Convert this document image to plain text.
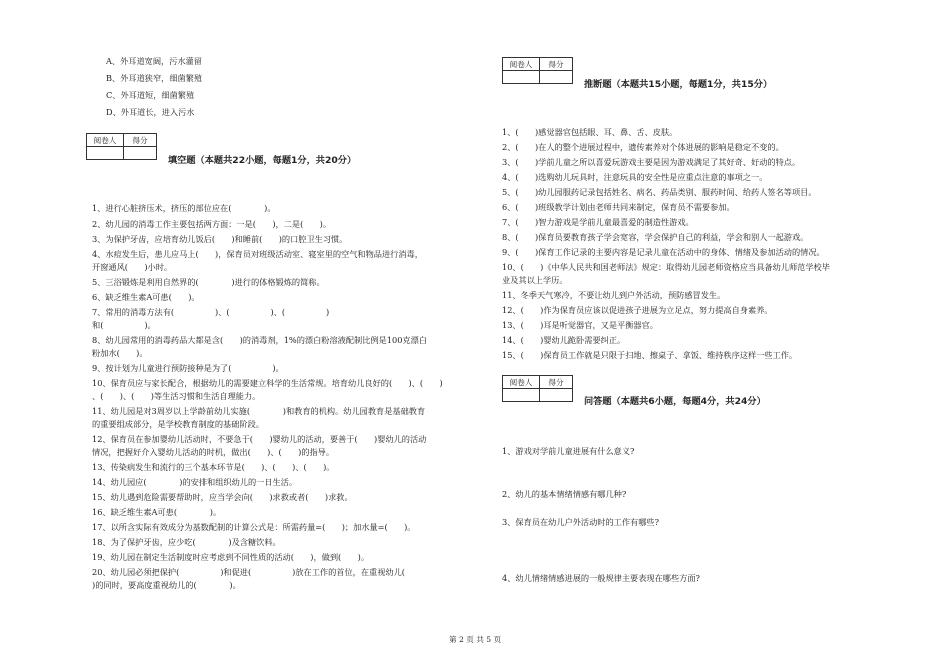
A、外耳道宽阔，污水灌留
B、外耳道狭窄，细菌繁殖
C、外耳道短，细菌繁殖
D、外耳道长，进入污水
阅卷人	得分

填空题（本题共22小题，每题1分，共20分）
1、进行心脏挤压术，挤压的部位应在(　　　　)。
2、幼儿园的消毒工作主要包括两方面：一是(　　)，二是(　　)。
3、为保护牙齿，应培育幼儿饭后(　　)和睡前(　　)的口腔卫生习惯。
4、水痘发生后，患儿应马上(　　)，保育员对班级活动室、寝室里的空气和物品进行消毒，
开窗通风(　　)小时。
5、三浴锻炼是利用自然界的(　　　　)进行的体格锻炼的简称。
6、缺乏维生素A可患(　　)。
7、常用的消毒方法有(　　　　　)、(　　　　　)、(　　　　　)
和(　　　　　)。
8、幼儿园常用的消毒药品大都是含(　　)的消毒剂，1%的漂白粉溶液配制比例是100克漂白
粉加水(　　)。
9、按计划为儿童进行预防接种是为了(　　　　　)。
10、保育员应与家长配合，根据幼儿的需要建立科学的生活常规。培育幼儿良好的(　　)、(　　)
、(　　)、(　　)等生活习惯和生活自理能力。
11、幼儿园是对3周岁以上学龄前幼儿实施(　　　　)和教育的机构。幼儿园教育是基础教育
的重要组成部分，是学校教育制度的基础阶段。
12、保育员在参加婴幼儿活动时，不要急于(　　)婴幼儿的活动，要善于(　　)婴幼儿的活动
情况，把握好介入婴幼儿活动的时机，做出(　　)、(　　)的指导。
13、传染病发生和流行的三个基本环节是(　　)、(　　)、(　　)。
14、幼儿园应(　　　　)的安排和组织幼儿的一日生活。
15、幼儿遇到危险需要帮助时，应当学会向(　　)求救或者(　　)求救。
16、缺乏维生素A可患(　　　　)。
17、以所含实际有效成分为基数配制的计算公式是：所需药量=(　　)；加水量=(　　)。
18、为了保护牙齿，应少吃(　　　　)及含糖饮料。
19、幼儿园在制定生活制度时应考虑到不同性质的活动(　　)，做到(　　)。
20、幼儿园必须把保护(　　　　　)和促进(　　　　　)放在工作的首位，在重视幼儿(　　
)的同时，要高度重视幼儿的(　　　　)。
阅卷人	得分

推断题（本题共15小题，每题1分，共15分）
1、(　　)感觉器官包括眼、耳、鼻、舌、皮肤。
2、(　　)在人的整个进展过程中，遗传素养对个体进展的影响是稳定不变的。
3、(　　)学前儿童之所以喜爱玩游戏主要是因为游戏满足了其好奇、好动的特点。
4、(　　)选购幼儿玩具时，注意玩具的安全性是应重点注意的事项之一。
5、(　　)幼儿园服药记录包括姓名、病名、药品类别、服药时间、给药人签名等项目。
6、(　　)班级教学计划由老师共同来制定，保育员不需要参加。
7、(　　)智力游戏是学前儿童最喜爱的制造性游戏。
8、(　　)保育员要教育孩子学会宽容，学会保护自己的利益，学会和别人一起游戏。
9、(　　)保育工作记录的主要内容是记录儿童在活动中的身体、情绪及参加活动的情况。
10、(　　)《中华人民共和国老师法》规定：取得幼儿园老师资格应当具备幼儿师范学校毕
业及其以上学历。
11、冬季天气寒冷，不要让幼儿到户外活动，预防感冒发生。
12、(　　)作为保育员应该以促进孩子进展为立足点，努力提高自身素养。
13、(　　)耳是听觉器官，又是平衡器官。
14、(　　)婴幼儿跪卧需要纠正。
15、(　　)保育员工作就是只限于扫地、擦桌子、拿饭、维持秩序这样一些工作。
阅卷人	得分

问答题（本题共6小题，每题4分，共24分）
1、游戏对学前儿童进展有什么意义?
2、幼儿的基本情绪情感有哪几种?
3、保育员在幼儿户外活动时的工作有哪些?
4、幼儿情绪情感进展的一般规律主要表现在哪些方面?
第 2 页 共 5 页
